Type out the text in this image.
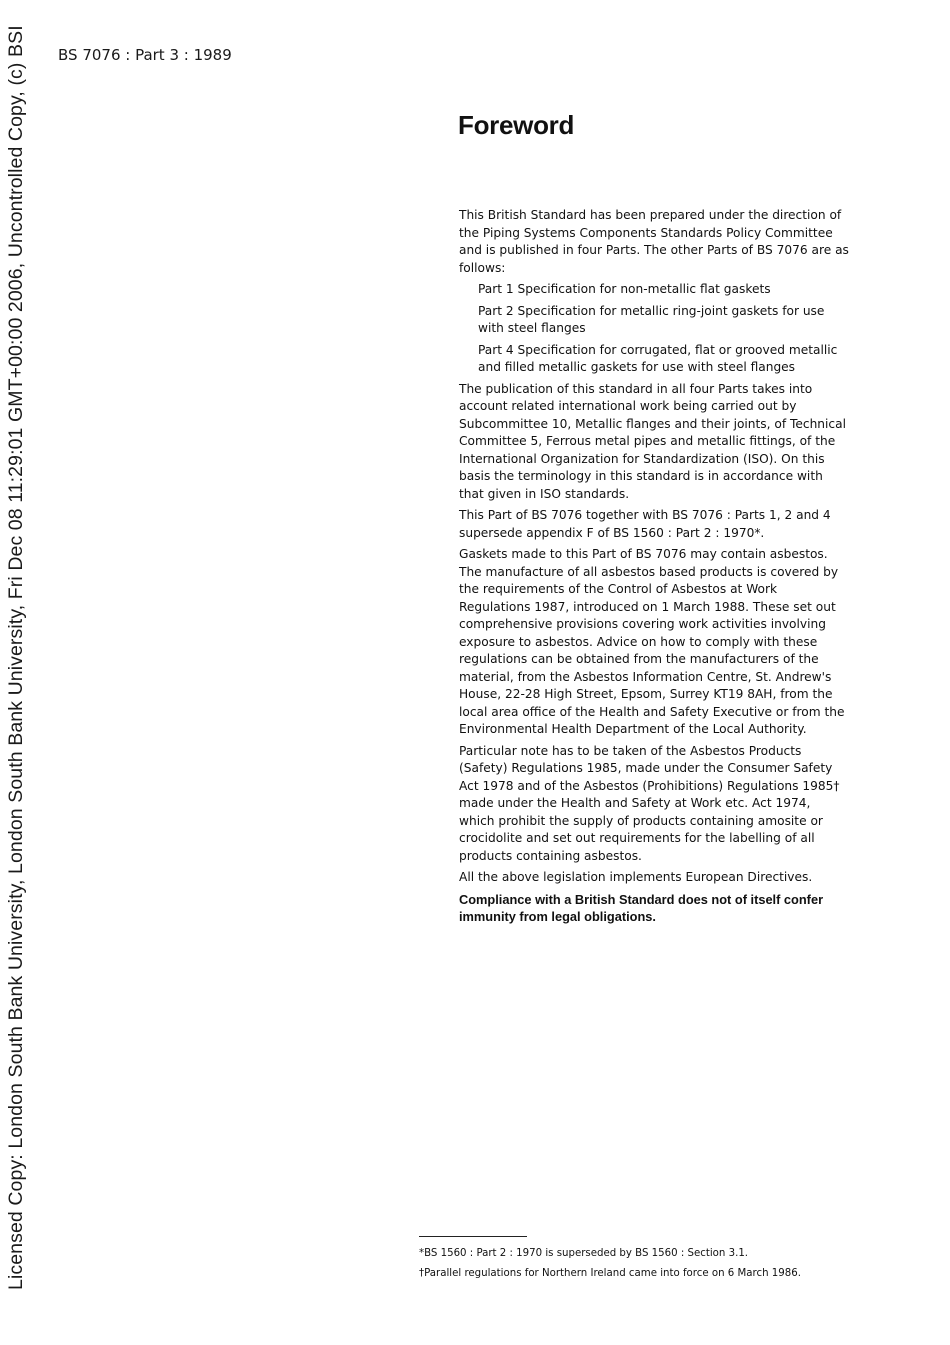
Licensed Copy: London South Bank University, London South Bank University, Fri Dec 08 11:29:01 GMT+00:00 2006, Uncontrolled Copy, (c) BSI BS 7076 : Part 3 : 1989
Foreword

This British Standard has been prepared under the direction of the Piping Systems Components Standards Policy Committee and is published in four Parts. The other Parts of BS 7076 are as follows:

Part 1 Specification for non-metallic flat gaskets
Part 2 Specification for metallic ring-joint gaskets for use with steel flanges
Part 4 Specification for corrugated, flat or grooved metallic and filled metallic gaskets for use with steel flanges

The publication of this standard in all four Parts takes into account related international work being carried out by Subcommittee 10, Metallic flanges and their joints, of Technical Committee 5, Ferrous metal pipes and metallic fittings, of the International Organization for Standardization (ISO). On this basis the terminology in this standard is in accordance with that given in ISO standards.

This Part of BS 7076 together with BS 7076 : Parts 1, 2 and 4 supersede appendix F of BS 1560 : Part 2 : 1970*.

Gaskets made to this Part of BS 7076 may contain asbestos. The manufacture of all asbestos based products is covered by the requirements of the Control of Asbestos at Work Regulations 1987, introduced on 1 March 1988. These set out comprehensive provisions covering work activities involving exposure to asbestos. Advice on how to comply with these regulations can be obtained from the manufacturers of the material, from the Asbestos Information Centre, St. Andrew's House, 22-28 High Street, Epsom, Surrey KT19 8AH, from the local area office of the Health and Safety Executive or from the Environmental Health Department of the Local Authority.

Particular note has to be taken of the Asbestos Products (Safety) Regulations 1985, made under the Consumer Safety Act 1978 and of the Asbestos (Prohibitions) Regulations 1985† made under the Health and Safety at Work etc. Act 1974, which prohibit the supply of products containing amosite or crocidolite and set out requirements for the labelling of all products containing asbestos.

All the above legislation implements European Directives.

Compliance with a British Standard does not of itself confer immunity from legal obligations.

*BS 1560 : Part 2 : 1970 is superseded by BS 1560 : Section 3.1.

†Parallel regulations for Northern Ireland came into force on 6 March 1986.
